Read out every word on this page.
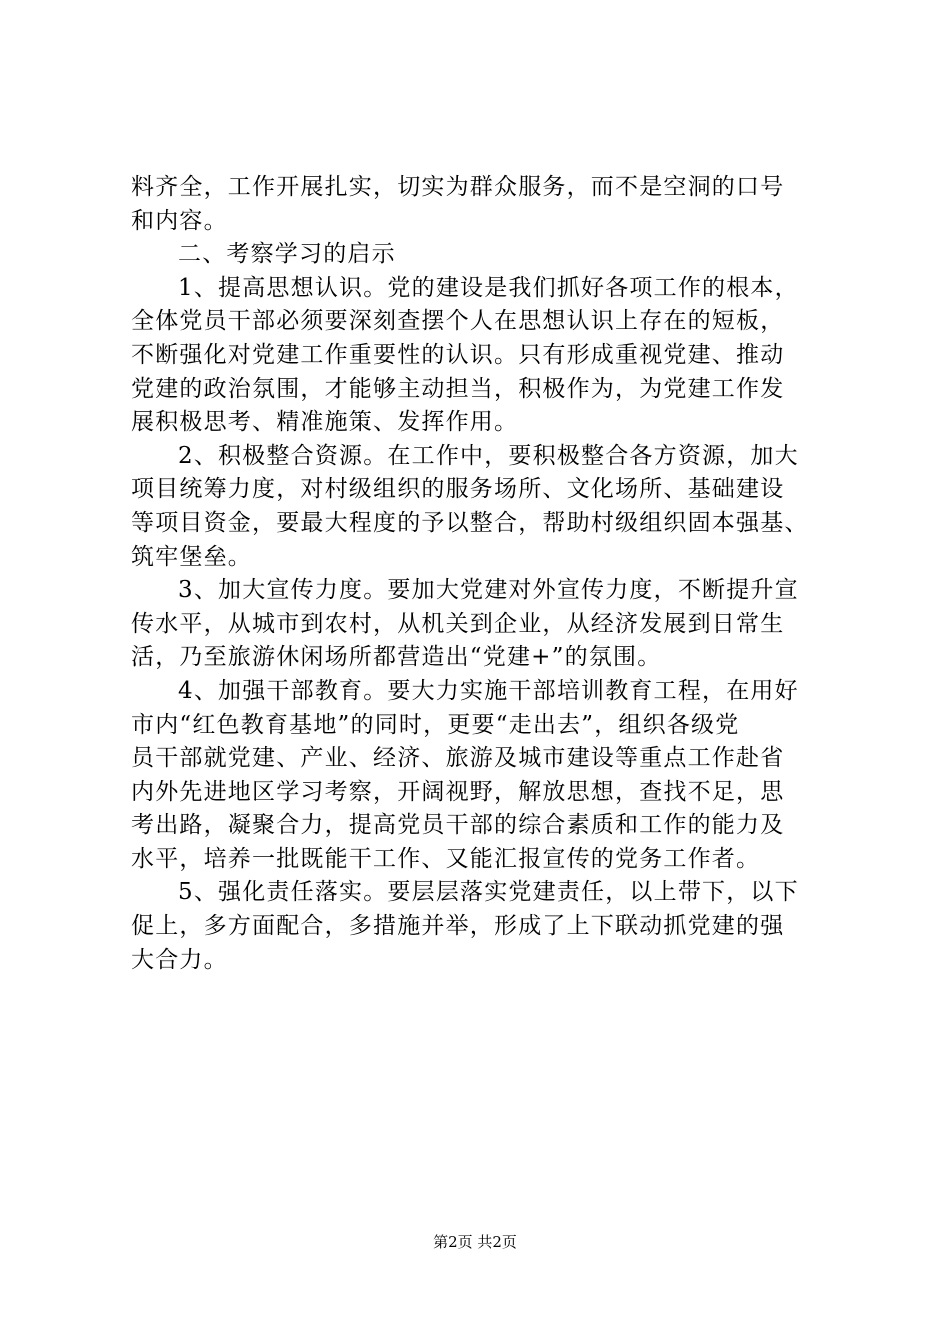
料齐全，工作开展扎实，切实为群众服务，而不是空洞的口号
和内容。
二、考察学习的启示
1、提高思想认识。党的建设是我们抓好各项工作的根本，
全体党员干部必须要深刻查摆个人在思想认识上存在的短板，
不断强化对党建工作重要性的认识。只有形成重视党建、推动
党建的政治氛围，才能够主动担当，积极作为，为党建工作发
展积极思考、精准施策、发挥作用。
2、积极整合资源。在工作中，要积极整合各方资源，加大
项目统筹力度，对村级组织的服务场所、文化场所、基础建设
等项目资金，要最大程度的予以整合，帮助村级组织固本强基、
筑牢堡垒。
3、加大宣传力度。要加大党建对外宣传力度，不断提升宣
传水平，从城市到农村，从机关到企业，从经济发展到日常生
活，乃至旅游休闲场所都营造出“党建+”的氛围。
4、加强干部教育。要大力实施干部培训教育工程，在用好
市内“红色教育基地”的同时，更要“走出去”，组织各级党
员干部就党建、产业、经济、旅游及城市建设等重点工作赴省
内外先进地区学习考察，开阔视野，解放思想，查找不足，思
考出路，凝聚合力，提高党员干部的综合素质和工作的能力及
水平，培养一批既能干工作、又能汇报宣传的党务工作者。
5、强化责任落实。要层层落实党建责任，以上带下，以下
促上，多方面配合，多措施并举，形成了上下联动抓党建的强
大合力。
第2页 共2页
